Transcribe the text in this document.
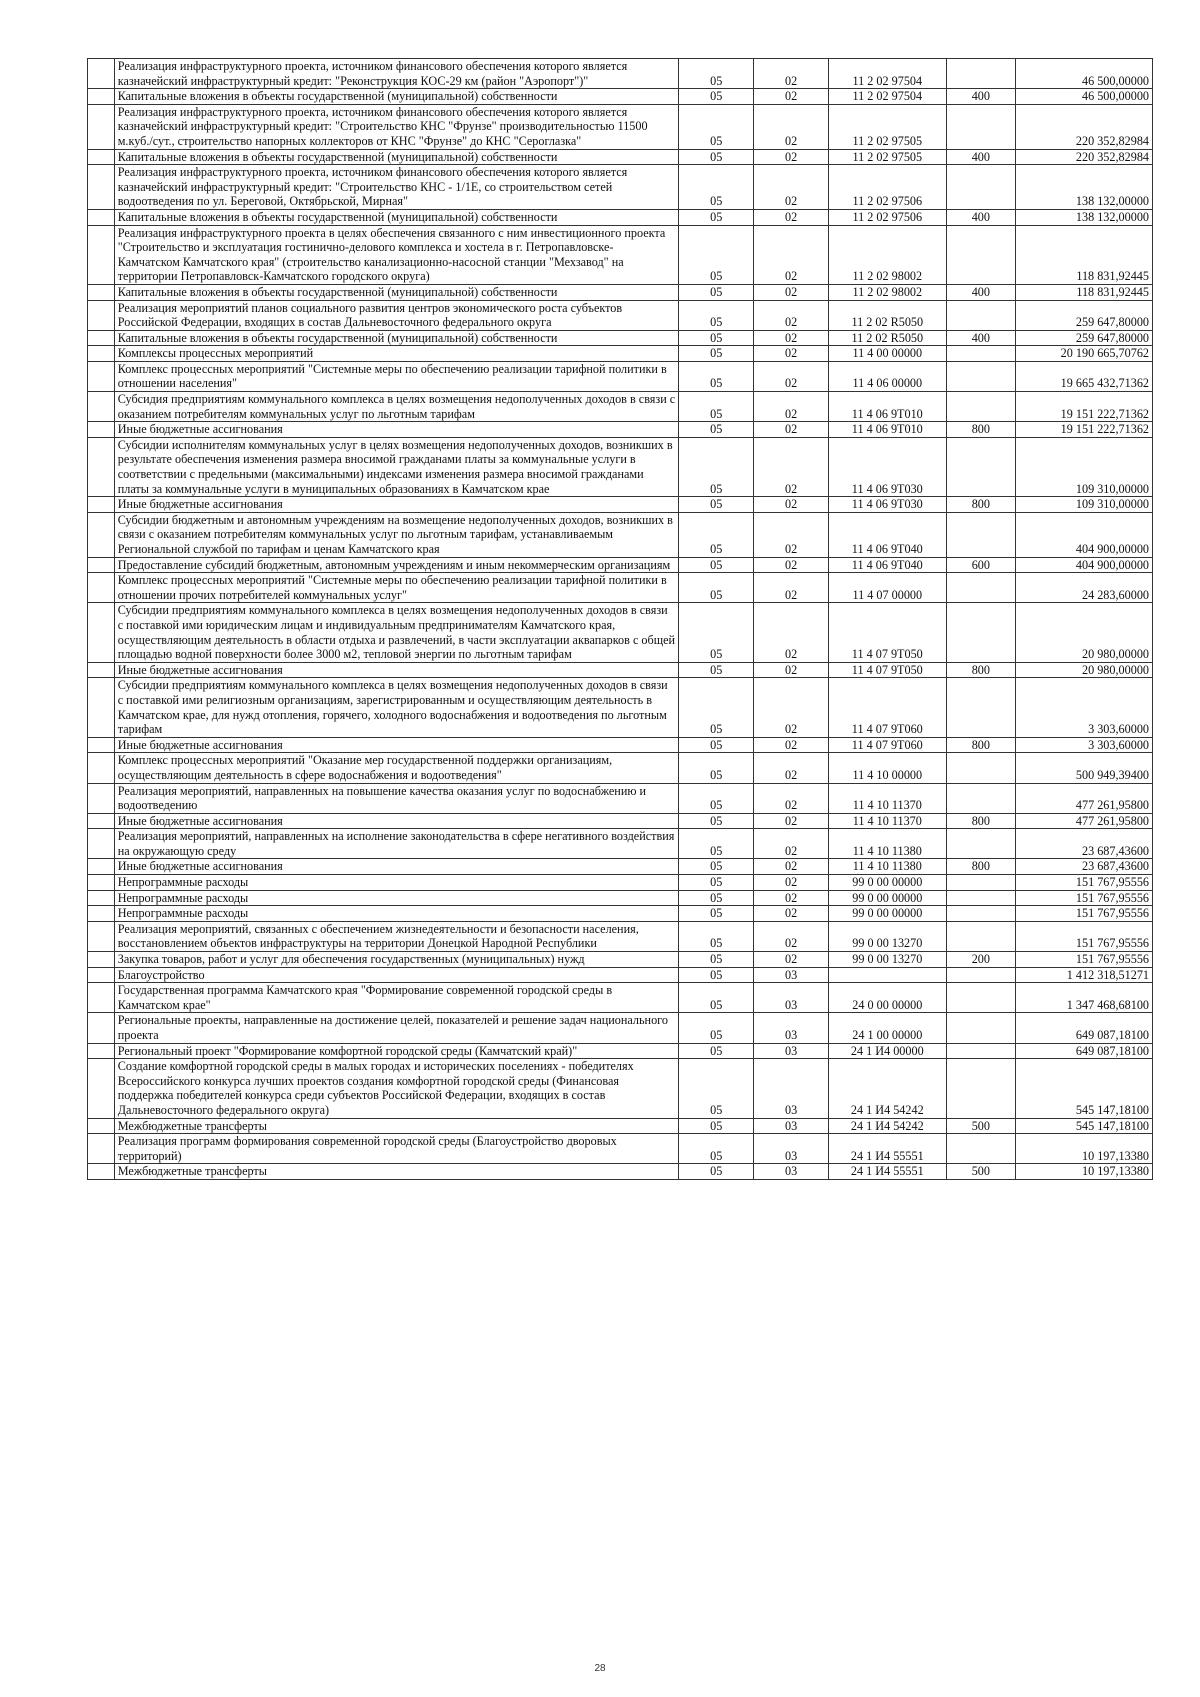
	Реализация инфраструктурного проекта, источником финансового обеспечения которого является казначейский инфраструктурный кредит: "Реконструкция КОС-29 км (район "Аэропорт")"	05	02	11 2 02 97504		46 500,00000
	Капитальные вложения в объекты государственной (муниципальной) собственности	05	02	11 2 02 97504	400	46 500,00000
	Реализация инфраструктурного проекта, источником финансового обеспечения которого является казначейский инфраструктурный кредит: "Строительство КНС "Фрунзе" производительностью 11500 м.куб./сут., строительство напорных коллекторов от КНС "Фрунзе" до КНС "Сероглазка"	05	02	11 2 02 97505		220 352,82984
	Капитальные вложения в объекты государственной (муниципальной) собственности	05	02	11 2 02 97505	400	220 352,82984
	Реализация инфраструктурного проекта, источником финансового обеспечения которого является казначейский инфраструктурный кредит: "Строительство КНС - 1/1Е, со строительством сетей водоотведения по ул. Береговой, Октябрьской, Мирная"	05	02	11 2 02 97506		138 132,00000
	Капитальные вложения в объекты государственной (муниципальной) собственности	05	02	11 2 02 97506	400	138 132,00000
	Реализация инфраструктурного проекта в целях обеспечения связанного с ним инвестиционного проекта "Строительство и эксплуатация гостинично-делового комплекса и хостела в г. Петропавловске-Камчатском Камчатского края" (строительство канализационно-насосной станции "Мехзавод" на территории Петропавловск-Камчатского городского округа)	05	02	11 2 02 98002		118 831,92445
	Капитальные вложения в объекты государственной (муниципальной) собственности	05	02	11 2 02 98002	400	118 831,92445
	Реализация мероприятий планов социального развития центров экономического роста субъектов Российской Федерации, входящих в состав Дальневосточного федерального округа	05	02	11 2 02 R5050		259 647,80000
	Капитальные вложения в объекты государственной (муниципальной) собственности	05	02	11 2 02 R5050	400	259 647,80000
	Комплексы процессных мероприятий	05	02	11 4 00 00000		20 190 665,70762
	Комплекс процессных мероприятий "Системные меры по обеспечению реализации тарифной политики в отношении населения"	05	02	11 4 06 00000		19 665 432,71362
	Субсидия предприятиям коммунального комплекса в целях возмещения недополученных доходов в связи с оказанием потребителям коммунальных услуг по льготным тарифам	05	02	11 4 06 9Т010		19 151 222,71362
	Иные бюджетные ассигнования	05	02	11 4 06 9Т010	800	19 151 222,71362
	Субсидии исполнителям коммунальных услуг в целях возмещения недополученных доходов, возникших в результате обеспечения изменения размера вносимой гражданами платы за коммунальные услуги в соответствии с предельными (максимальными) индексами изменения размера вносимой гражданами платы за коммунальные услуги в муниципальных образованиях в Камчатском крае	05	02	11 4 06 9Т030		109 310,00000
	Иные бюджетные ассигнования	05	02	11 4 06 9Т030	800	109 310,00000
	Субсидии бюджетным и автономным учреждениям на возмещение недополученных доходов, возникших в связи с оказанием потребителям коммунальных услуг по льготным тарифам, устанавливаемым Региональной службой по тарифам и ценам Камчатского края	05	02	11 4 06 9Т040		404 900,00000
	Предоставление субсидий бюджетным, автономным учреждениям и иным некоммерческим организациям	05	02	11 4 06 9Т040	600	404 900,00000
	Комплекс процессных мероприятий "Системные меры по обеспечению реализации тарифной политики в отношении прочих потребителей коммунальных услуг"	05	02	11 4 07 00000		24 283,60000
	Субсидии предприятиям коммунального комплекса в целях возмещения недополученных доходов в связи с поставкой ими юридическим лицам и индивидуальным предпринимателям Камчатского края, осуществляющим деятельность в области отдыха и развлечений, в части эксплуатации аквапарков с общей площадью водной поверхности более 3000 м2, тепловой энергии по льготным тарифам	05	02	11 4 07 9Т050		20 980,00000
	Иные бюджетные ассигнования	05	02	11 4 07 9Т050	800	20 980,00000
	Субсидии предприятиям коммунального комплекса в целях возмещения недополученных доходов в связи с поставкой ими религиозным организациям, зарегистрированным и осуществляющим деятельность в Камчатском крае, для нужд отопления, горячего, холодного водоснабжения и водоотведения по льготным тарифам	05	02	11 4 07 9Т060		3 303,60000
	Иные бюджетные ассигнования	05	02	11 4 07 9Т060	800	3 303,60000
	Комплекс процессных мероприятий "Оказание мер государственной поддержки организациям, осуществляющим деятельность в сфере водоснабжения и водоотведения"	05	02	11 4 10 00000		500 949,39400
	Реализация мероприятий, направленных на повышение качества оказания услуг по водоснабжению и водоотведению	05	02	11 4 10 11370		477 261,95800
	Иные бюджетные ассигнования	05	02	11 4 10 11370	800	477 261,95800
	Реализация мероприятий, направленных на исполнение законодательства в сфере негативного воздействия на окружающую среду	05	02	11 4 10 11380		23 687,43600
	Иные бюджетные ассигнования	05	02	11 4 10 11380	800	23 687,43600
	Непрограммные расходы	05	02	99 0 00 00000		151 767,95556
	Непрограммные расходы	05	02	99 0 00 00000		151 767,95556
	Непрограммные расходы	05	02	99 0 00 00000		151 767,95556
	Реализация мероприятий, связанных с обеспечением жизнедеятельности и безопасности населения, восстановлением объектов инфраструктуры на территории Донецкой Народной Республики	05	02	99 0 00 13270		151 767,95556
	Закупка товаров, работ и услуг для обеспечения государственных (муниципальных) нужд	05	02	99 0 00 13270	200	151 767,95556
	Благоустройство	05	03			1 412 318,51271
	Государственная программа Камчатского края "Формирование современной городской среды в Камчатском крае"	05	03	24 0 00 00000		1 347 468,68100
	Региональные проекты, направленные на достижение целей, показателей и решение задач национального проекта	05	03	24 1 00 00000		649 087,18100
	Региональный проект "Формирование комфортной городской среды (Камчатский край)"	05	03	24 1 И4 00000		649 087,18100
	Создание комфортной городской среды в малых городах и исторических поселениях - победителях Всероссийского конкурса лучших проектов создания комфортной городской среды (Финансовая поддержка победителей конкурса среди субъектов Российской Федерации, входящих в состав Дальневосточного федерального округа)	05	03	24 1 И4 54242		545 147,18100
	Межбюджетные трансферты	05	03	24 1 И4 54242	500	545 147,18100
	Реализация программ формирования современной городской среды (Благоустройство дворовых территорий)	05	03	24 1 И4 55551		10 197,13380
	Межбюджетные трансферты	05	03	24 1 И4 55551	500	10 197,13380
28
